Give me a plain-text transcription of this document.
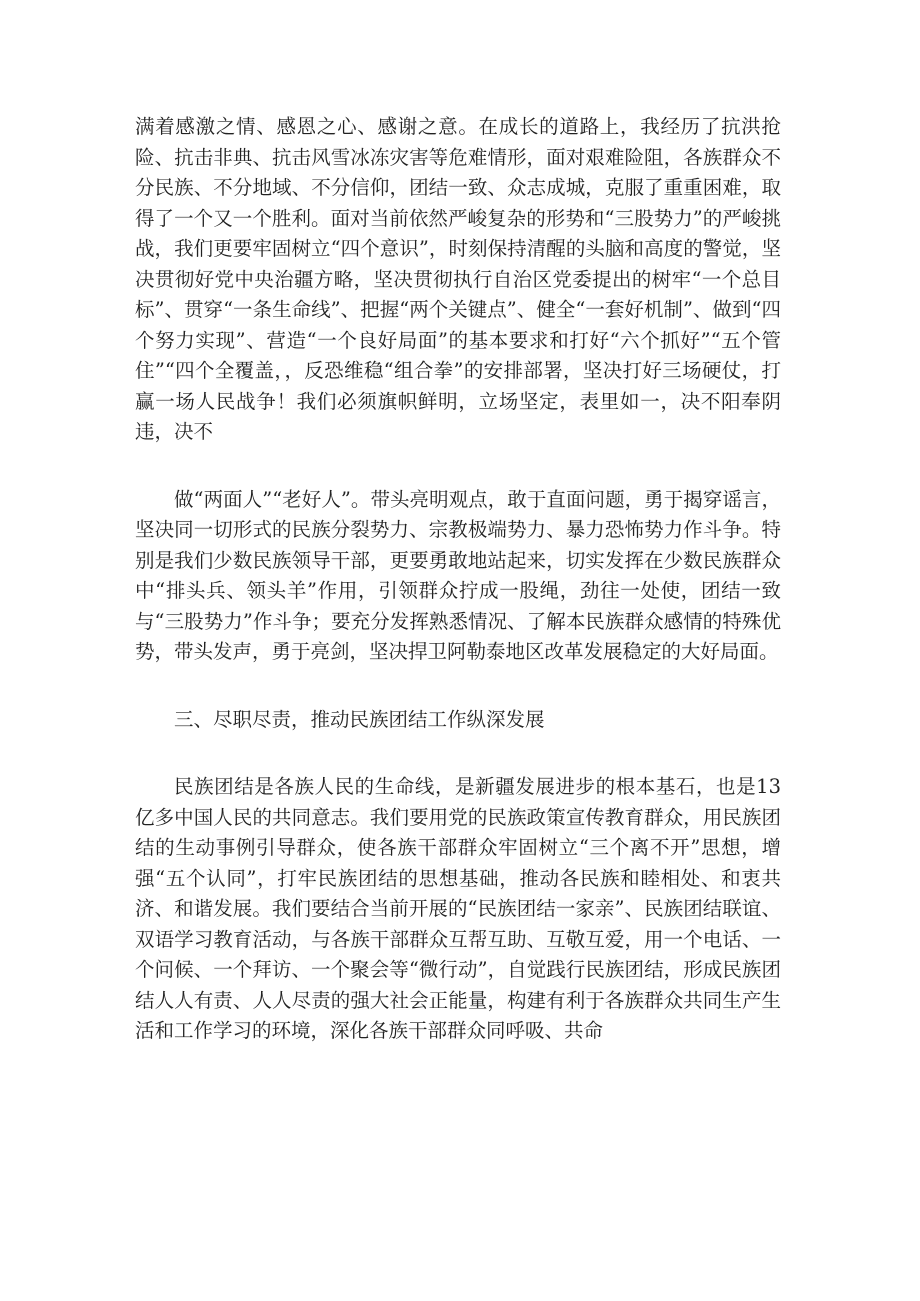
满着感激之情、感恩之心、感谢之意。在成长的道路上，我经历了抗洪抢险、抗击非典、抗击风雪冰冻灾害等危难情形，面对艰难险阻，各族群众不分民族、不分地域、不分信仰，团结一致、众志成城，克服了重重困难，取得了一个又一个胜利。面对当前依然严峻复杂的形势和“三股势力”的严峻挑战，我们更要牢固树立“四个意识”，时刻保持清醒的头脑和高度的警觉，坚决贯彻好党中央治疆方略，坚决贯彻执行自治区党委提出的树牢“一个总目标”、贯穿“一条生命线”、把握“两个关键点”、健全“一套好机制”、做到“四个努力实现”、营造“一个良好局面”的基本要求和打好“六个抓好”“五个管住”“四个全覆盖，，反恐维稳“组合拳”的安排部署，坚决打好三场硬仗，打赢一场人民战争！我们必须旗帜鲜明，立场坚定，表里如一，决不阳奉阴违，决不

做“两面人”“老好人”。带头亮明观点，敢于直面问题，勇于揭穿谣言，坚决同一切形式的民族分裂势力、宗教极端势力、暴力恐怖势力作斗争。特别是我们少数民族领导干部，更要勇敢地站起来，切实发挥在少数民族群众中“排头兵、领头羊”作用，引领群众拧成一股绳，劲往一处使，团结一致与“三股势力”作斗争；要充分发挥熟悉情况、了解本民族群众感情的特殊优势，带头发声，勇于亮剑，坚决捍卫阿勒泰地区改革发展稳定的大好局面。

三、尽职尽责，推动民族团结工作纵深发展

民族团结是各族人民的生命线，是新疆发展进步的根本基石，也是13亿多中国人民的共同意志。我们要用党的民族政策宣传教育群众，用民族团结的生动事例引导群众，使各族干部群众牢固树立“三个离不开”思想，增强“五个认同”，打牢民族团结的思想基础，推动各民族和睦相处、和衷共济、和谐发展。我们要结合当前开展的“民族团结一家亲”、民族团结联谊、双语学习教育活动，与各族干部群众互帮互助、互敬互爱，用一个电话、一个问候、一个拜访、一个聚会等“微行动”，自觉践行民族团结，形成民族团结人人有责、人人尽责的强大社会正能量，构建有利于各族群众共同生产生活和工作学习的环境，深化各族干部群众同呼吸、共命
